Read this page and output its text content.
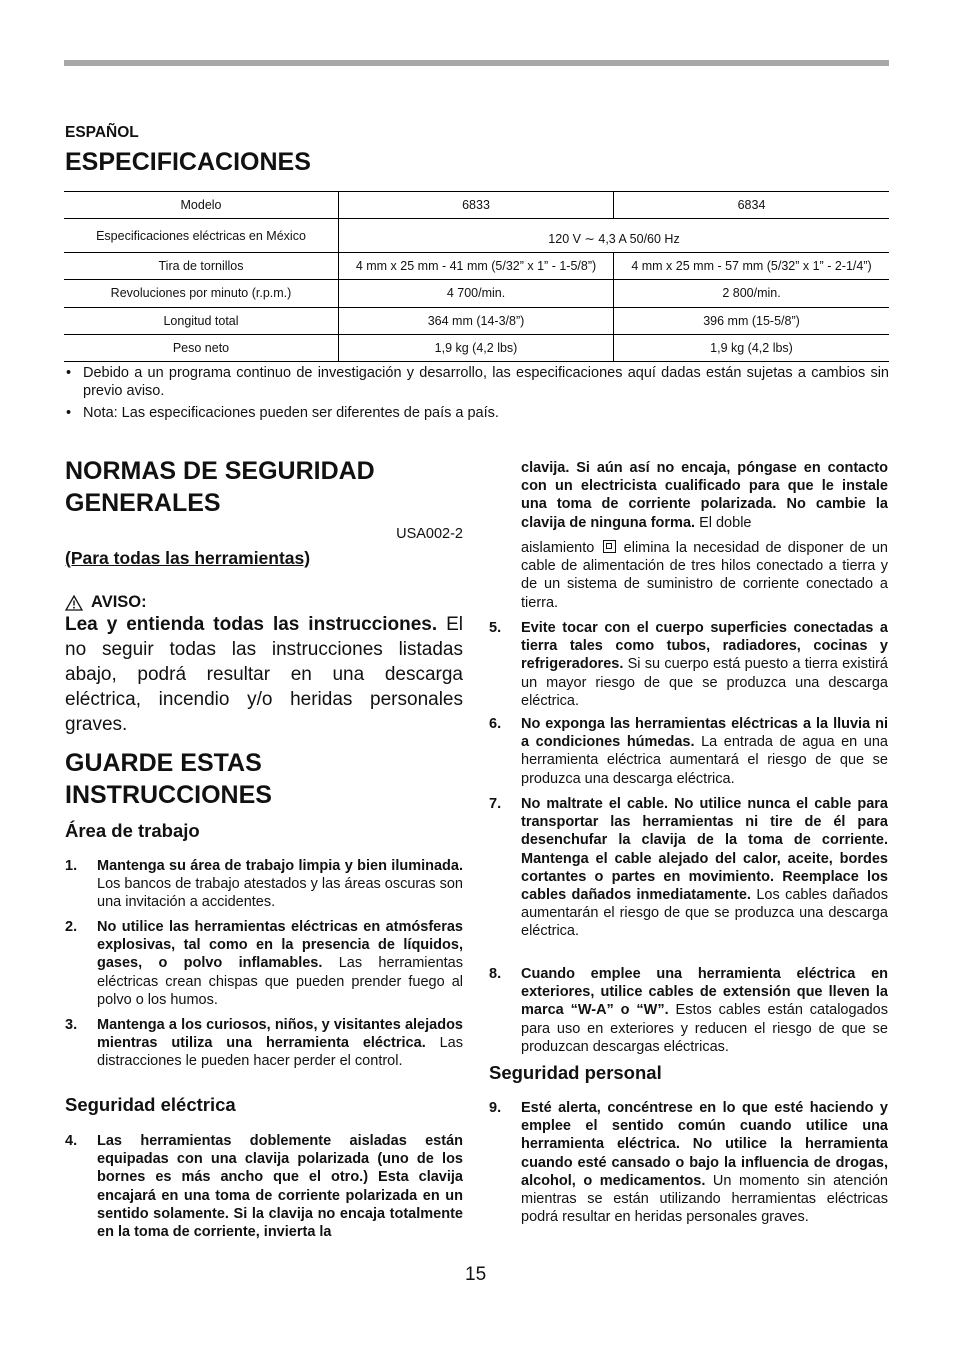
ESPAÑOL
ESPECIFICACIONES
Modelo	6833	6834
Especificaciones eléctricas en México	120 V ∼ 4,3 A 50/60 Hz	
Tira de tornillos	4 mm x 25 mm - 41 mm (5/32” x 1” - 1-5/8”)	4 mm x 25 mm - 57 mm (5/32” x 1” - 2-1/4”)
Revoluciones por minuto (r.p.m.)	4 700/min.	2 800/min.
Longitud total	364 mm (14-3/8”)	396 mm (15-5/8”)
Peso neto	1,9 kg (4,2 lbs)	1,9 kg (4,2 lbs)
• Debido a un programa continuo de investigación y desarrollo, las especificaciones aquí dadas están sujetas a cambios sin previo aviso.
• Nota: Las especificaciones pueden ser diferentes de país a país.
NORMAS DE SEGURIDAD
GENERALES
USA002-2
(Para todas las herramientas)
AVISO:
Lea y entienda todas las instrucciones. El no seguir todas las instrucciones listadas abajo, podrá resultar en una descarga eléctrica, incendio y/o heridas personales graves.
GUARDE ESTAS
INSTRUCCIONES
Área de trabajo
1. Mantenga su área de trabajo limpia y bien iluminada. Los bancos de trabajo atestados y las áreas oscuras son una invitación a accidentes.
2. No utilice las herramientas eléctricas en atmósferas explosivas, tal como en la presencia de líquidos, gases, o polvo inflamables. Las herramientas eléctricas crean chispas que pueden prender fuego al polvo o los humos.
3. Mantenga a los curiosos, niños, y visitantes alejados mientras utiliza una herramienta eléctrica. Las distracciones le pueden hacer perder el control.
Seguridad eléctrica
4. Las herramientas doblemente aisladas están equipadas con una clavija polarizada (uno de los bornes es más ancho que el otro.) Esta clavija encajará en una toma de corriente polarizada en un sentido solamente. Si la clavija no encaja totalmente en la toma de corriente, invierta la
clavija. Si aún así no encaja, póngase en contacto con un electricista cualificado para que le instale una toma de corriente polarizada. No cambie la clavija de ninguna forma. El doble
aislamiento  elimina la necesidad de disponer de un cable de alimentación de tres hilos conectado a tierra y de un sistema de suministro de corriente conectado a tierra.
5. Evite tocar con el cuerpo superficies conectadas a tierra tales como tubos, radiadores, cocinas y refrigeradores. Si su cuerpo está puesto a tierra existirá un mayor riesgo de que se produzca una descarga eléctrica.
6. No exponga las herramientas eléctricas a la lluvia ni a condiciones húmedas. La entrada de agua en una herramienta eléctrica aumentará el riesgo de que se produzca una descarga eléctrica.
7. No maltrate el cable. No utilice nunca el cable para transportar las herramientas ni tire de él para desenchufar la clavija de la toma de corriente. Mantenga el cable alejado del calor, aceite, bordes cortantes o partes en movimiento. Reemplace los cables dañados inmediatamente. Los cables dañados aumentarán el riesgo de que se produzca una descarga eléctrica.
8. Cuando emplee una herramienta eléctrica en exteriores, utilice cables de extensión que lleven la marca “W-A” o “W”. Estos cables están catalogados para uso en exteriores y reducen el riesgo de que se produzcan descargas eléctricas.
Seguridad personal
9. Esté alerta, concéntrese en lo que esté haciendo y emplee el sentido común cuando utilice una herramienta eléctrica. No utilice la herramienta cuando esté cansado o bajo la influencia de drogas, alcohol, o medicamentos. Un momento sin atención mientras se están utilizando herramientas eléctricas podrá resultar en heridas personales graves.
15
